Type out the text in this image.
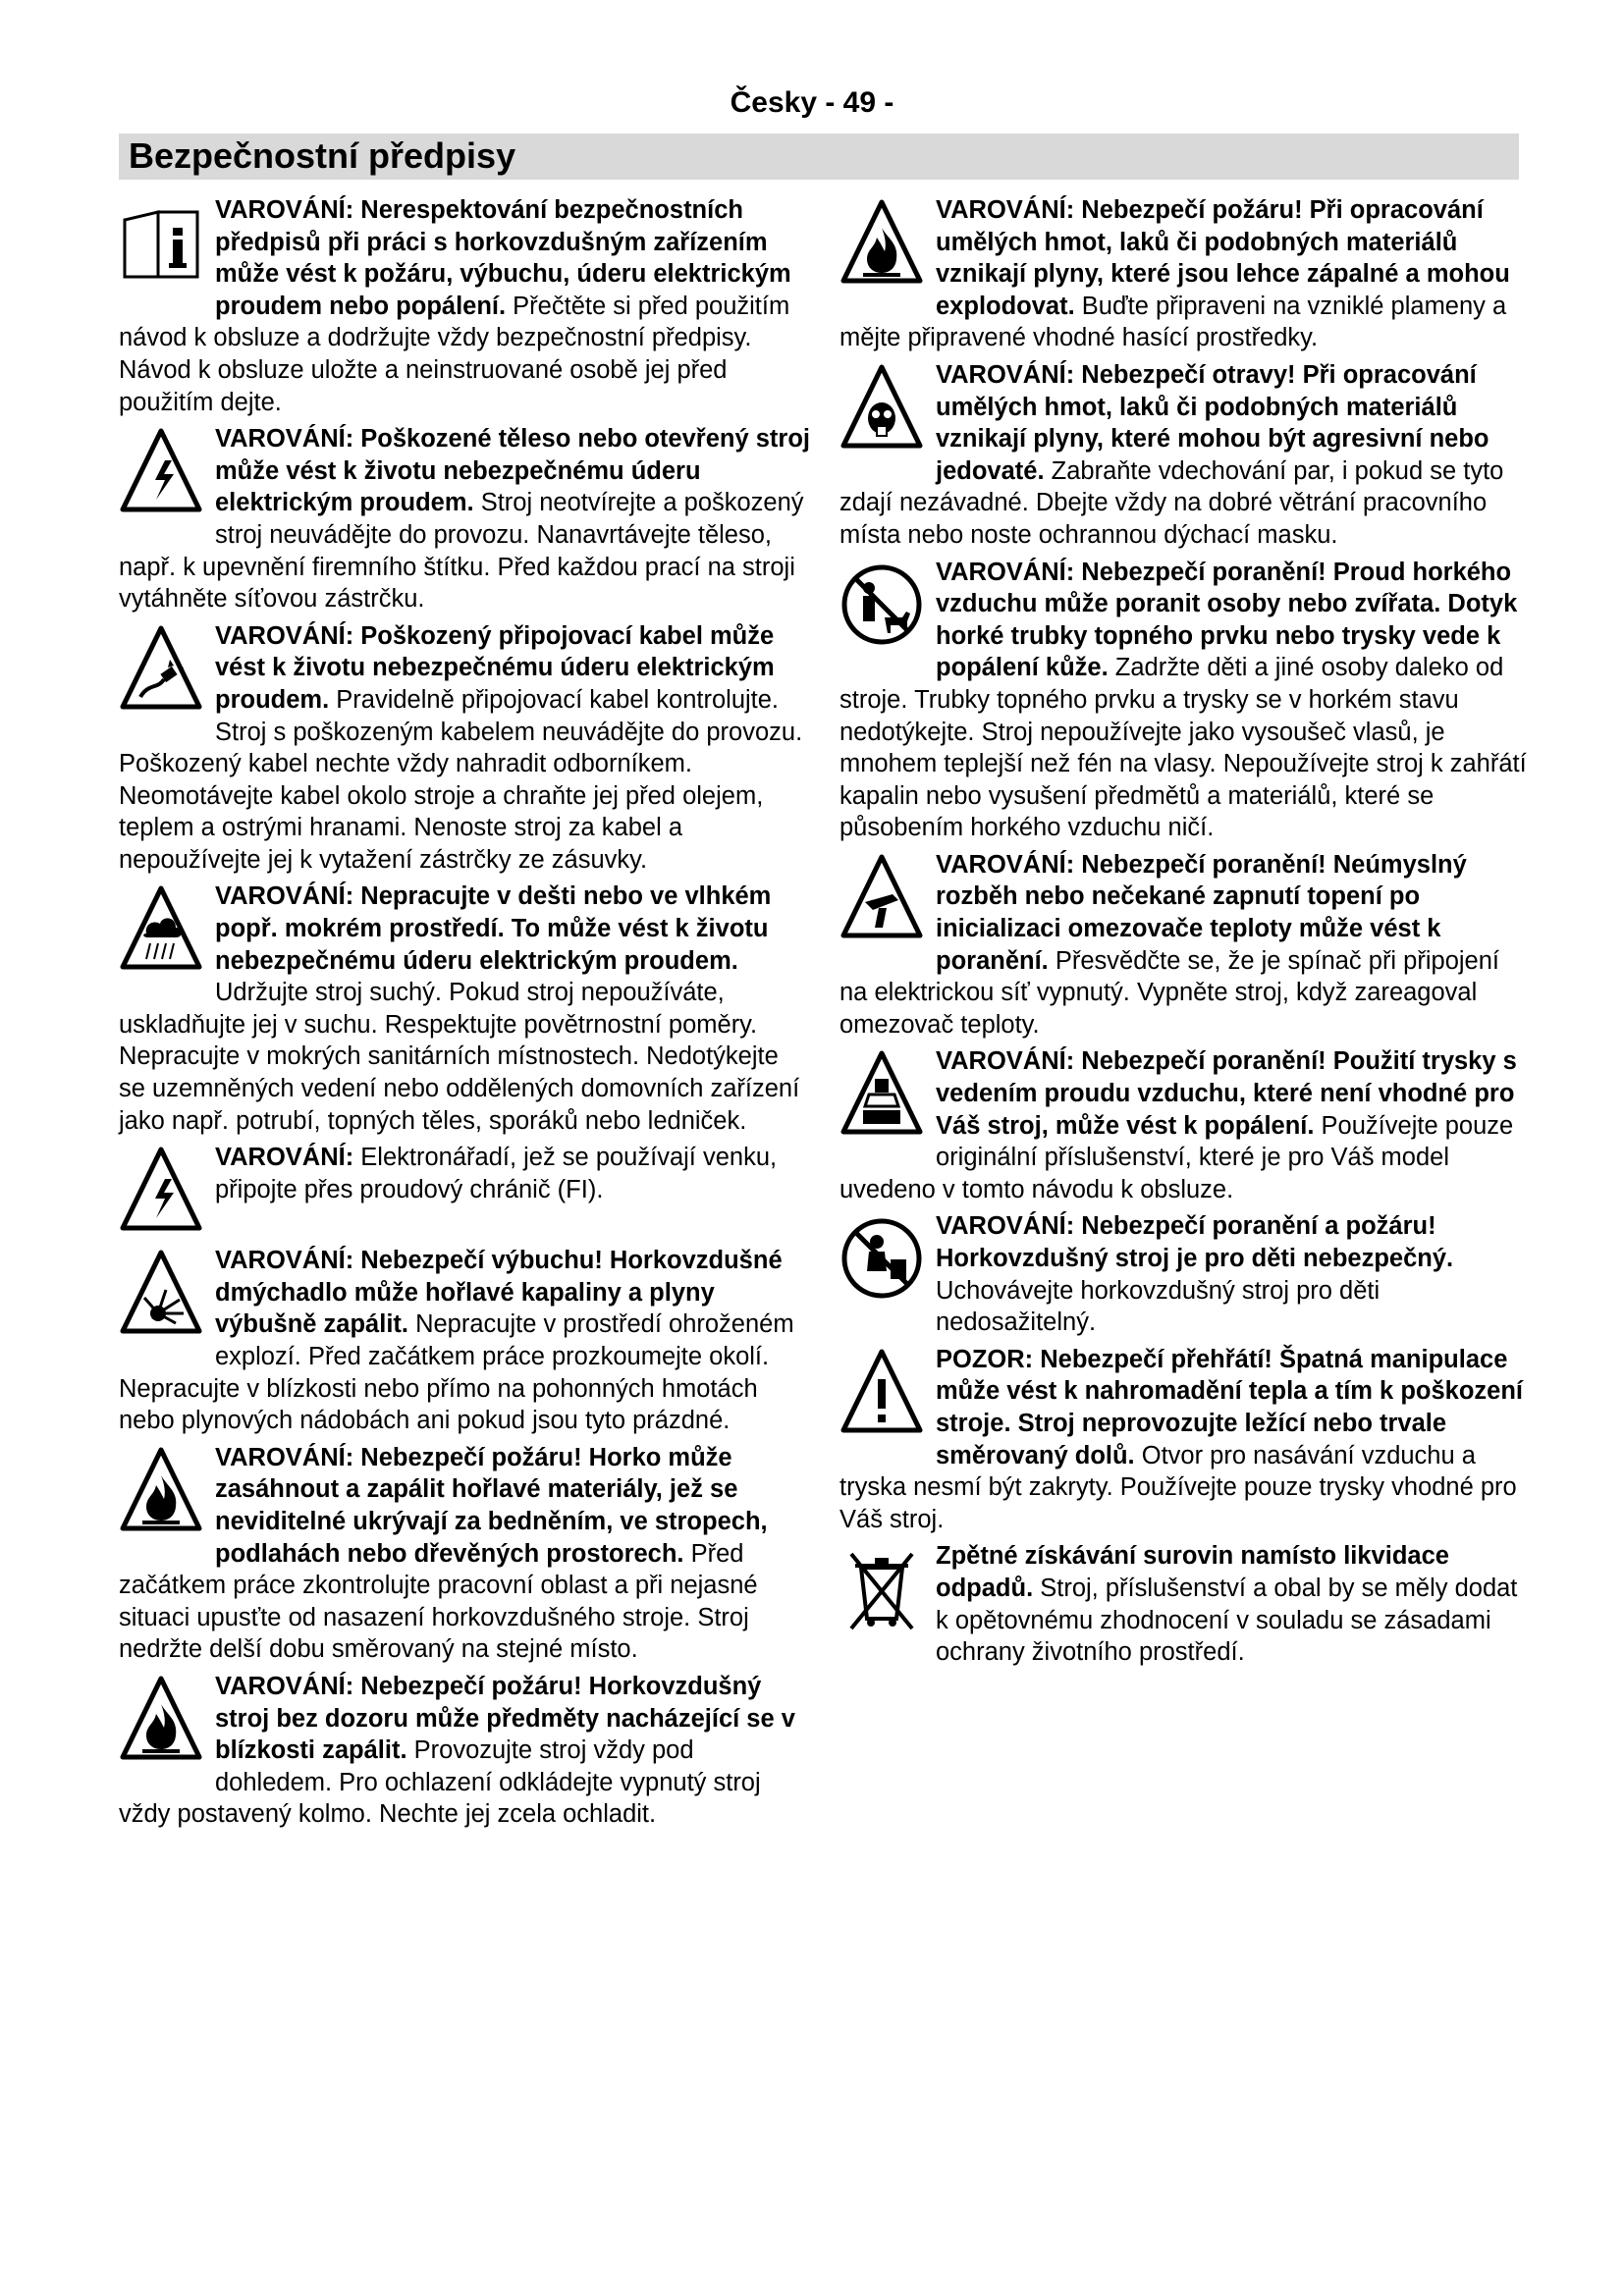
Česky - 49 -
Bezpečnostní předpisy

VAROVÁNÍ: Nerespektování bezpečnostních předpisů při práci s horkovzdušným zařízením může vést k požáru, výbuchu, úderu elektrickým proudem nebo popálení. Přečtěte si před použitím návod k obsluze a dodržujte vždy bezpečnostní předpisy. Návod k obsluze uložte a neinstruované osobě jej před použitím dejte.

VAROVÁNÍ: Poškozené těleso nebo otevřený stroj může vést k životu nebezpečnému úderu elektrickým proudem. Stroj neotvírejte a poškozený stroj neuvádějte do provozu. Nanavrtávejte těleso, např. k upevnění firemního štítku. Před každou prací na stroji vytáhněte síťovou zástrčku.

VAROVÁNÍ: Poškozený připojovací kabel může vést k životu nebezpečnému úderu elektrickým proudem. Pravidelně připojovací kabel kontrolujte. Stroj s poškozeným kabelem neuvádějte do provozu. Poškozený kabel nechte vždy nahradit odborníkem. Neomotávejte kabel okolo stroje a chraňte jej před olejem, teplem a ostrými hranami. Nenoste stroj za kabel a nepoužívejte jej k vytažení zástrčky ze zásuvky.

VAROVÁNÍ: Nepracujte v dešti nebo ve vlhkém popř. mokrém prostředí. To může vést k životu nebezpečnému úderu elektrickým proudem. Udržujte stroj suchý. Pokud stroj nepoužíváte, uskladňujte jej v suchu. Respektujte povětrnostní poměry. Nepracujte v mokrých sanitárních místnostech. Nedotýkejte se uzemněných vedení nebo oddělených domovních zařízení jako např. potrubí, topných těles, sporáků nebo ledniček.

VAROVÁNÍ: Elektronářadí, jež se používají venku, připojte přes proudový chránič (FI).

VAROVÁNÍ: Nebezpečí výbuchu! Horkovzdušné dmýchadlo může hořlavé kapaliny a plyny výbušně zapálit. Nepracujte v prostředí ohroženém explozí. Před začátkem práce prozkoumejte okolí. Nepracujte v blízkosti nebo přímo na pohonných hmotách nebo plynových nádobách ani pokud jsou tyto prázdné.

VAROVÁNÍ: Nebezpečí požáru! Horko může zasáhnout a zapálit hořlavé materiály, jež se neviditelné ukrývají za bedněním, ve stropech, podlahách nebo dřevěných prostorech. Před začátkem práce zkontrolujte pracovní oblast a při nejasné situaci upusťte od nasazení horkovzdušného stroje. Stroj nedržte delší dobu směrovaný na stejné místo.

VAROVÁNÍ: Nebezpečí požáru! Horkovzdušný stroj bez dozoru může předměty nacházející se v blízkosti zapálit. Provozujte stroj vždy pod dohledem. Pro ochlazení odkládejte vypnutý stroj vždy postavený kolmo. Nechte jej zcela ochladit.

VAROVÁNÍ: Nebezpečí požáru! Při opracování umělých hmot, laků či podobných materiálů vznikají plyny, které jsou lehce zápalné a mohou explodovat. Buďte připraveni na vzniklé plameny a mějte připravené vhodné hasící prostředky.

VAROVÁNÍ: Nebezpečí otravy! Při opracování umělých hmot, laků či podobných materiálů vznikají plyny, které mohou být agresivní nebo jedovaté. Zabraňte vdechování par, i pokud se tyto zdají nezávadné. Dbejte vždy na dobré větrání pracovního místa nebo noste ochrannou dýchací masku.

VAROVÁNÍ: Nebezpečí poranění! Proud horkého vzduchu může poranit osoby nebo zvířata. Dotyk horké trubky topného prvku nebo trysky vede k popálení kůže. Zadržte děti a jiné osoby daleko od stroje. Trubky topného prvku a trysky se v horkém stavu nedotýkejte. Stroj nepoužívejte jako vysoušeč vlasů, je mnohem teplejší než fén na vlasy. Nepoužívejte stroj k zahřátí kapalin nebo vysušení předmětů a materiálů, které se působením horkého vzduchu ničí.

VAROVÁNÍ: Nebezpečí poranění! Neúmyslný rozběh nebo nečekané zapnutí topení po inicializaci omezovače teploty může vést k poranění. Přesvědčte se, že je spínač při připojení na elektrickou síť vypnutý. Vypněte stroj, když zareagoval omezovač teploty.

VAROVÁNÍ: Nebezpečí poranění! Použití trysky s vedením proudu vzduchu, které není vhodné pro Váš stroj, může vést k popálení. Používejte pouze originální příslušenství, které je pro Váš model uvedeno v tomto návodu k obsluze.

VAROVÁNÍ: Nebezpečí poranění a požáru! Horkovzdušný stroj je pro děti nebezpečný. Uchovávejte horkovzdušný stroj pro děti nedosažitelný.

POZOR: Nebezpečí přehřátí! Špatná manipulace může vést k nahromadění tepla a tím k poškození stroje. Stroj neprovozujte ležící nebo trvale směrovaný dolů. Otvor pro nasávání vzduchu a tryska nesmí být zakryty. Používejte pouze trysky vhodné pro Váš stroj.

Zpětné získávání surovin namísto likvidace odpadů. Stroj, příslušenství a obal by se měly dodat k opětovnému zhodnocení v souladu se zásadami ochrany životního prostředí.
